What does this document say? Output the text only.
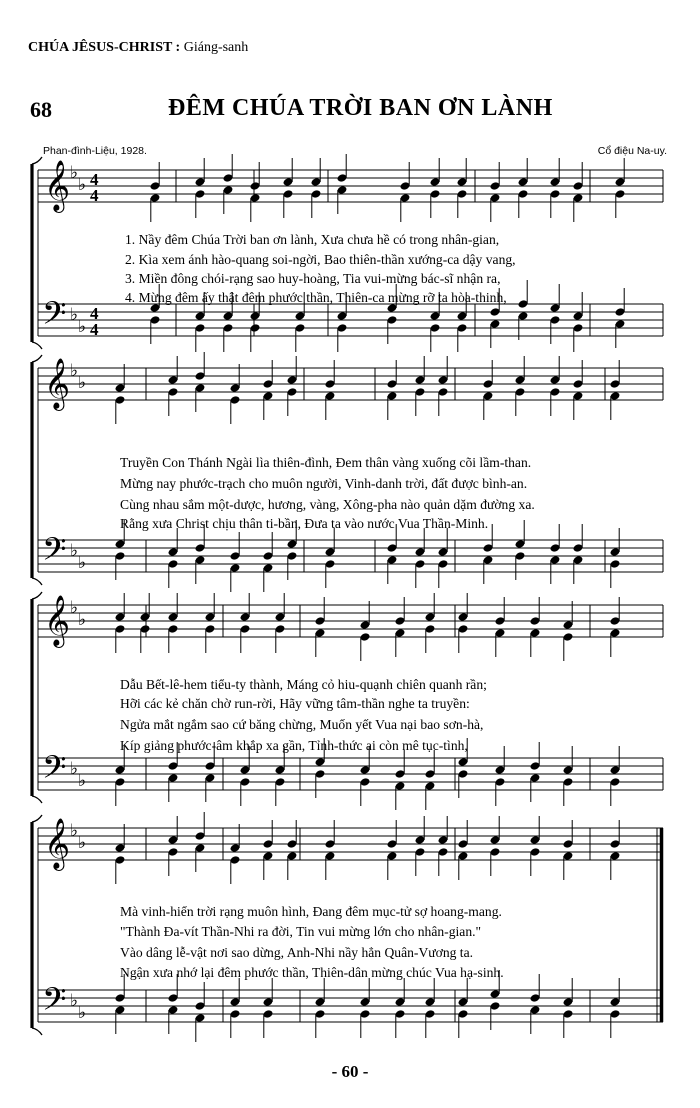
CHÚA JÊSUS-CHRIST : Giáng-sanh
68	ĐÊM CHÚA TRỜI BAN ƠN LÀNH
Phan-đình-Liệu, 1928.	Cổ điệu Na-uy.
𝄞
𝄢
♭
♭
♭
♭
4
4
4
4
𝄞
𝄢
♭
♭
♭
♭
𝄞
𝄢
♭
♭
♭
♭
𝄞
𝄢
♭
♭
♭
♭
1. Nầy đêm Chúa Trời ban ơn lành, Xưa chưa hề có trong nhân-gian,
2. Kìa xem ánh hào-quang soi-ngời, Bao thiên-thần xướng-ca dậy vang,
3. Miền đông chói-rạng sao huy-hoàng, Tia vui-mừng bác-sĩ nhận ra,
4. Mừng đêm ấy thật đêm phước thần, Thiên-ca mừng rỡ ta hòa-thinh,
Truyền Con Thánh Ngài lìa thiên-đình, Đem thân vàng xuống cõi lầm-than.
Mừng nay phước-trạch cho muôn người, Vinh-danh trời, đất được bình-an.
Cùng nhau sắm một-dược, hương, vàng, Xông-pha nào quản dặm đường xa.
Rằng xưa Christ chịu thân ti-bần, Đưa ta vào nước Vua Thần-Minh.
Dẫu Bết-lê-hem tiểu-ty thành, Máng cỏ hiu-quạnh chiên quanh rần;
Hỡi các kẻ chăn chờ run-rời, Hãy vững tâm-thần nghe ta truyền:
Ngửa mắt ngắm sao cứ băng chừng, Muốn yết Vua nại bao sơn-hà,
Kíp giảng phước-âm khắp xa gần, Tỉnh-thức ai còn mê tục-tình,
Mà vinh-hiển trời rạng muôn hình, Đang đêm mục-tử sợ hoang-mang.
"Thành Đa-vít Thần-Nhi ra đời, Tin vui mừng lớn cho nhân-gian."
Vào dâng lễ-vật nơi sao dừng, Anh-Nhi nầy hẳn Quân-Vương ta.
Ngận xưa nhớ lại đêm phước thần, Thiên-dân mừng chúc Vua hạ-sinh.
- 60 -
